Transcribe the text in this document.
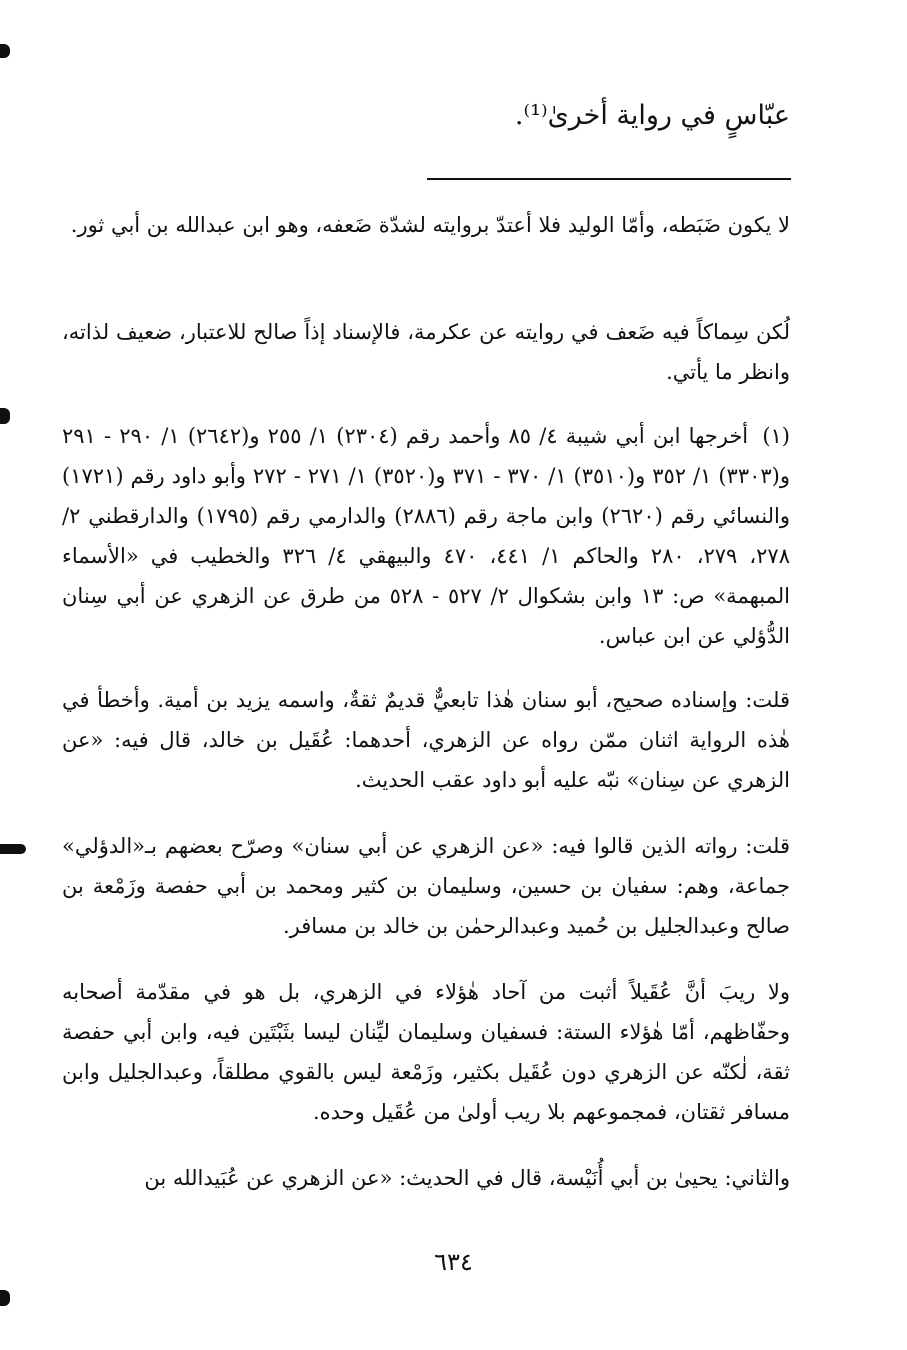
عبّاسٍ في رواية أخرىٰ⁽¹⁾.

لا يكون ضَبَطه، وأمّا الوليد فلا أعتدّ بروايته لشدّة ضَعفه، وهو ابن عبدالله بن أبي ثور.

لُكن سِماكاً فيه ضَعف في روايته عن عكرمة، فالإسناد إذاً صالح للاعتبار، ضعيف لذاته، وانظر ما يأتي.

(١) أخرجها ابن أبي شيبة ٤/ ٨٥ وأحمد رقم (٢٣٠٤) ١/ ٢٥٥ و(٢٦٤٢) ١/ ٢٩٠ - ٢٩١ و(٣٣٠٣) ١/ ٣٥٢ و(٣٥١٠) ١/ ٣٧٠ - ٣٧١ و(٣٥٢٠) ١/ ٢٧١ - ٢٧٢ وأبو داود رقم (١٧٢١) والنسائي رقم (٢٦٢٠) وابن ماجة رقم (٢٨٨٦) والدارمي رقم (١٧٩٥) والدارقطني ٢/ ٢٧٨، ٢٧٩، ٢٨٠ والحاكم ١/ ٤٤١، ٤٧٠ والبيهقي ٤/ ٣٢٦ والخطيب في «الأسماء المبهمة» ص: ١٣ وابن بشكوال ٢/ ٥٢٧ - ٥٢٨ من طرق عن الزهري عن أبي سِنان الدُّؤلي عن ابن عباس.

قلت: وإسناده صحيح، أبو سنان هٰذا تابعيٌّ قديمٌ ثقةٌ، واسمه يزيد بن أمية. وأخطأ في هٰذه الرواية اثنان ممّن رواه عن الزهري، أحدهما: عُقَيل بن خالد، قال فيه: «عن الزهري عن سِنان» نبّه عليه أبو داود عقب الحديث.

قلت: رواته الذين قالوا فيه: «عن الزهري عن أبي سنان» وصرّح بعضهم بـ«الدؤلي» جماعة، وهم: سفيان بن حسين، وسليمان بن كثير ومحمد بن أبي حفصة وزَمْعة بن صالح وعبدالجليل بن حُميد وعبدالرحمٰن بن خالد بن مسافر.

ولا ريبَ أنَّ عُقَيلاً أثبت من آحاد هٰؤلاء في الزهري، بل هو في مقدّمة أصحابه وحفّاظهم، أمّا هٰؤلاء الستة: فسفيان وسليمان ليِّنان ليسا بثَبْتَين فيه، وابن أبي حفصة ثقة، لٰكنّه عن الزهري دون عُقَيل بكثير، وزَمْعة ليس بالقوي مطلقاً، وعبدالجليل وابن مسافر ثقتان، فمجموعهم بلا ريب أولىٰ من عُقَيل وحده.

والثاني: يحيىٰ بن أبي أُنَيْسة، قال في الحديث: «عن الزهري عن عُبَيدالله بن

٦٣٤
